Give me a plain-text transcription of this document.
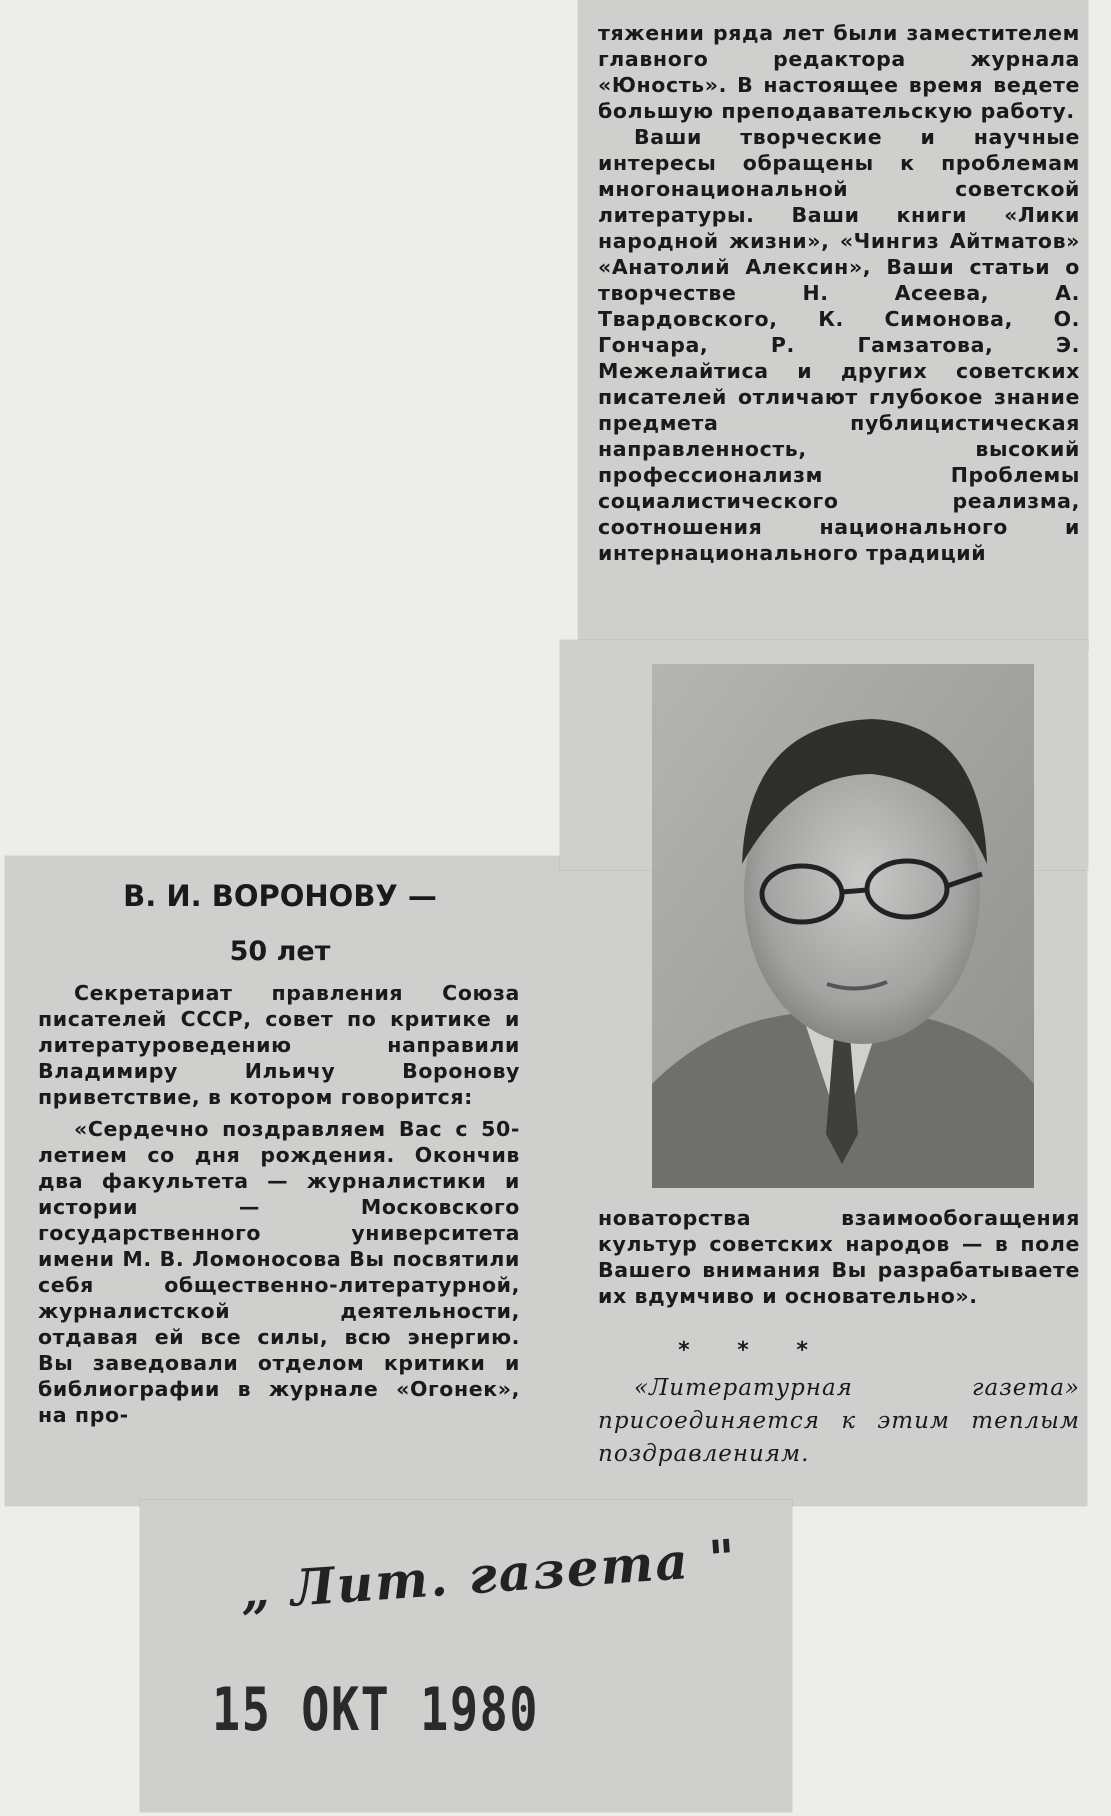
В. И. ВОРОНОВУ —
50 лет

Секретариат правления Союза писателей СССР, совет по критике и литературоведению направили Владимиру Ильичу Воронову приветствие, в котором говорится:

«Сердечно поздравляем Вас с 50-летием со дня рождения. Окончив два факультета — журналистики и истории — Московского государственного университета имени М. В. Ломоносова Вы посвятили себя общественно-литературной, журналистской деятельности, отдавая ей все силы, всю энергию. Вы заведовали отделом критики и библиографии в журнале «Огонек», на про-

тяжении ряда лет были заместителем главного редактора журнала «Юность». В настоящее время ведете большую преподавательскую работу.

Ваши творческие и научные интересы обращены к проблемам многонациональной советской литературы. Ваши книги «Лики народной жизни», «Чингиз Айтматов» «Анатолий Алексин», Ваши статьи о творчестве Н. Асеева, А. Твардовского, К. Симонова, О. Гончара, Р. Гамзатова, Э. Межелайтиса и других советских писателей отличают глубокое знание предмета публицистическая направленность, высокий профессионализм Проблемы социалистического реализма, соотношения национального и интернационального традиций

новаторства взаимообогащения культур советских народов — в поле Вашего внимания Вы разрабатываете их вдумчиво и основательно».

* * *
«Литературная газета» присоединяется к этим теплым поздравлениям.
„ Лит. газета "
15 ОКТ 1980
